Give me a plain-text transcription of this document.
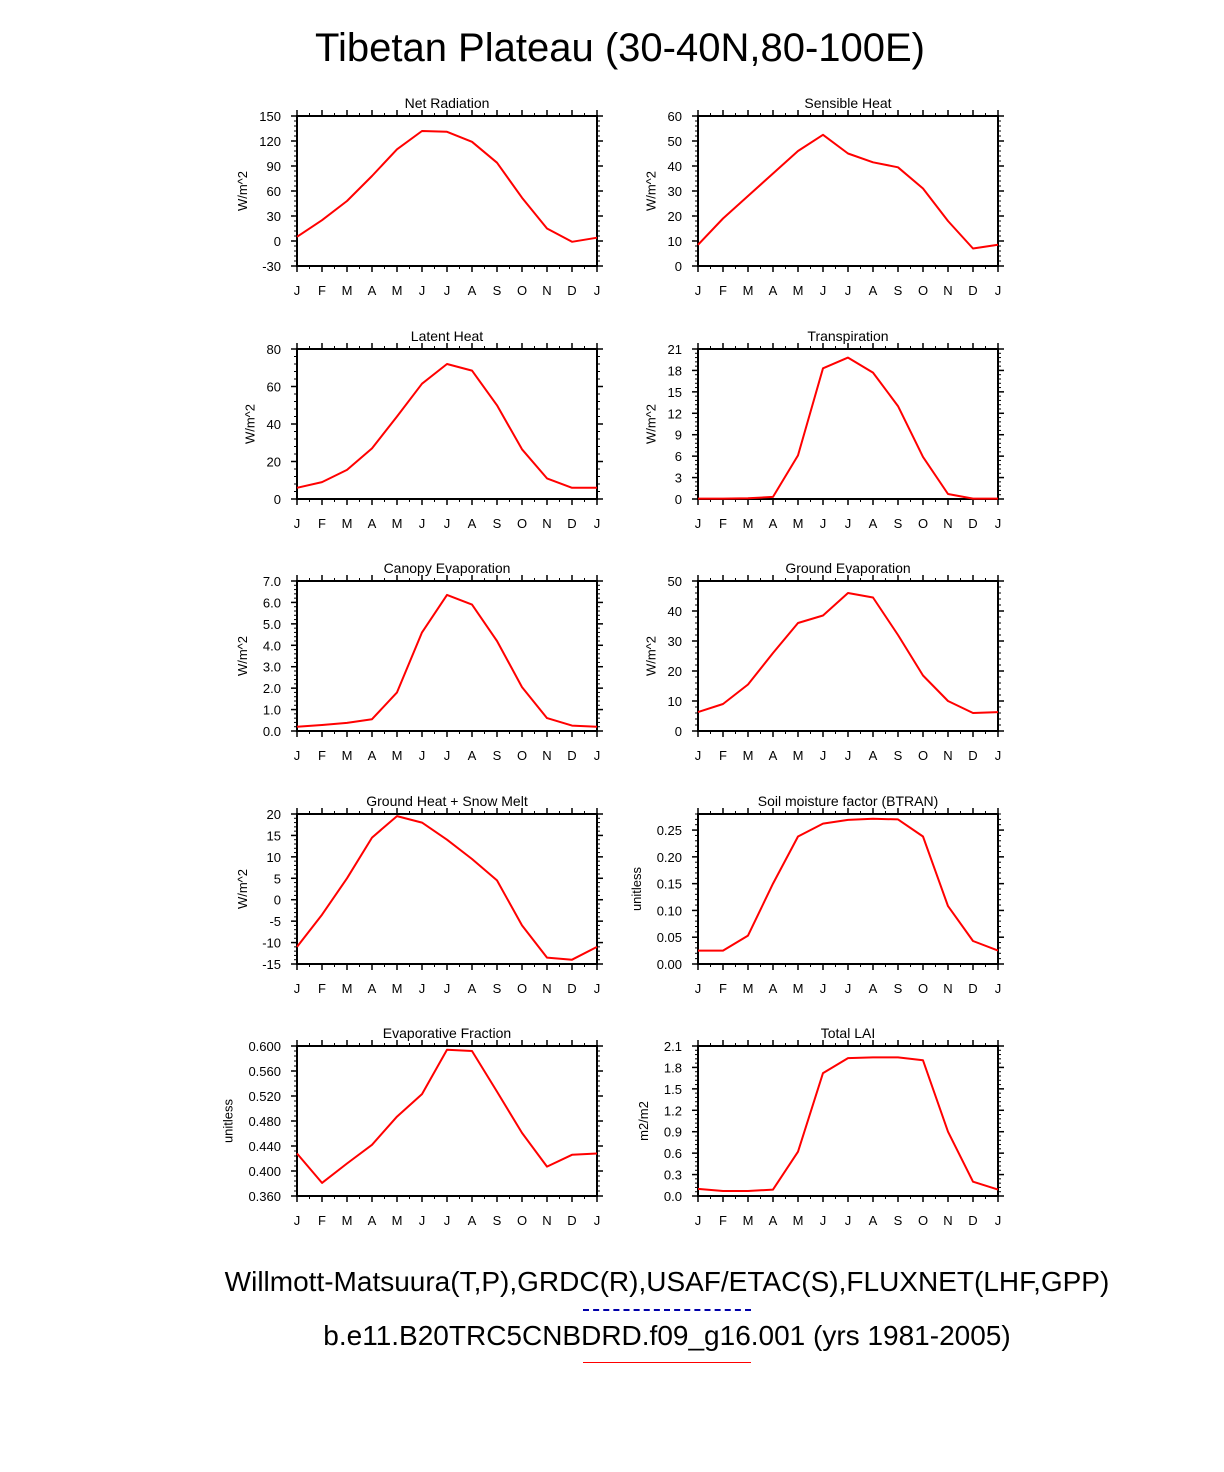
Tibetan Plateau (30-40N,80-100E)
Net Radiation
J F M A M J J A S O N D J
-30
0
30
60
90
120
150
W/m^2
Sensible Heat
J F M A M J J A S O N D J
0
10
20
30
40
50
60
W/m^2
Latent Heat
J F M A M J J A S O N D J
0
20
40
60
80
W/m^2
Transpiration
J F M A M J J A S O N D J
0
3
6
9
12
15
18
21
W/m^2
Canopy Evaporation
J F M A M J J A S O N D J
0.0
1.0
2.0
3.0
4.0
5.0
6.0
7.0
W/m^2
Ground Evaporation
J F M A M J J A S O N D J
0
10
20
30
40
50
W/m^2
Ground Heat + Snow Melt
J F M A M J J A S O N D J
-15
-10
-5
0
5
10
15
20
W/m^2
Soil moisture factor (BTRAN)
J F M A M J J A S O N D J
0.00
0.05
0.10
0.15
0.20
0.25
unitless
Evaporative Fraction
J F M A M J J A S O N D J
0.360
0.400
0.440
0.480
0.520
0.560
0.600
unitless
Total LAI
J F M A M J J A S O N D J
0.0
0.3
0.6
0.9
1.2
1.5
1.8
2.1
m2/m2
Willmott-Matsuura(T,P),GRDC(R),USAF/ETAC(S),FLUXNET(LHF,GPP)
b.e11.B20TRC5CNBDRD.f09_g16.001 (yrs 1981-2005)
